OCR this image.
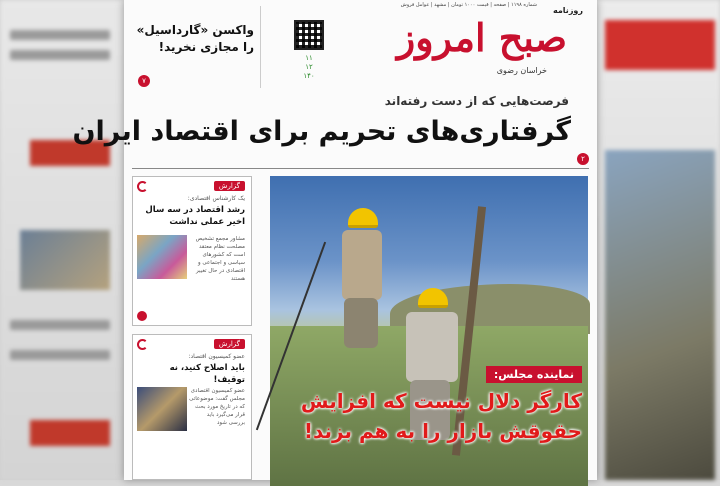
روزنامه
شماره ۱۱۹۸ | صفحه | قیمت ۱۰۰۰ تومان | مشهد | عوامل فروش
صبح امروز
خراسان رضوی
۱۱
۱۲
۱۴۰
واکسن «گارداسیل» را مجازی نخرید!
۷
فرصت‌هایی که از دست رفته‌اند
گرفتاری‌های تحریم برای اقتصاد ایران
۲
گزارش
یک کارشناس اقتصادی:
رشد اقتصاد در سه سال اخیر عملی نداشت
مشاور مجمع تشخیص مصلحت نظام معتقد است که کشورهای سیاسی و اجتماعی و اقتصادی در حال تغییر هستند
گزارش
عضو کمیسیون اقتصاد:
باید اصلاح کنید، نه توقیف!
عضو کمیسیون اقتصادی مجلس گفت: موضوعاتی که در تاریخ مورد بحث قرار می‌گیرد باید بررسی شود
نماینده مجلس:
کارگر دلال نیست که افزایش حقوقش بازار را به هم بزند!
